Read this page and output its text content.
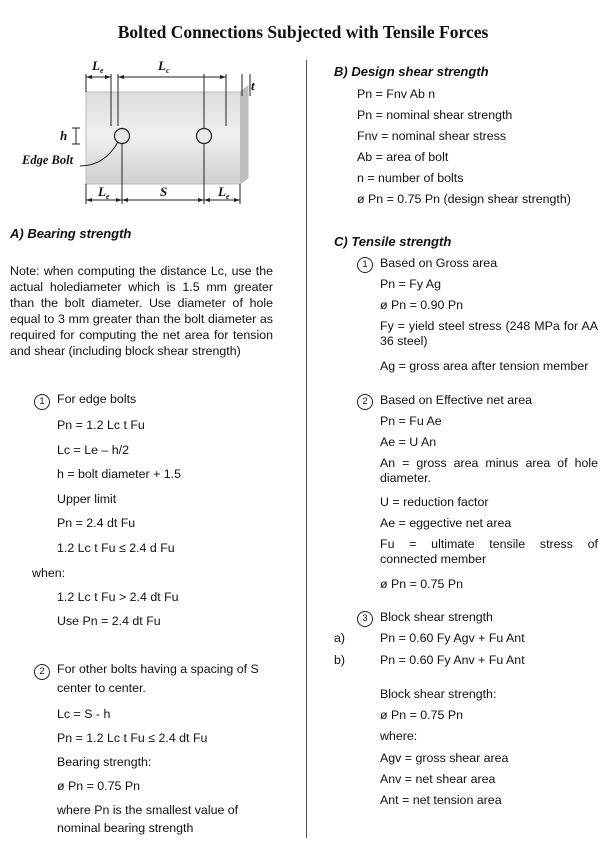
Bolted Connections Subjected with Tensile Forces
$L_e$	$L_c$
t
h
Edge Bolt
$L_e$	S	$L_e$
A) Bearing strength
Note: when computing the distance Lc, use the actual holediameter which is 1.5 mm greater than the bolt diameter. Use diameter of hole equal to 3 mm greater than the bolt diameter as required for computing the net area for tension and shear (including block shear strength)
1 For edge bolts
Pn = 1.2 Lc t Fu
Lc = Le – h/2
h = bolt diameter + 1.5
Upper limit
Pn = 2.4 dt Fu
1.2 Lc t Fu ≤ 2.4 d Fu
when:
1.2 Lc t Fu > 2.4 dt Fu
Use Pn = 2.4 dt Fu
2 For other bolts having a spacing of S
center to center.
Lc = S - h
Pn = 1.2 Lc t Fu ≤ 2.4 dt Fu
Bearing strength:
ø Pn = 0.75 Pn
where Pn is the smallest value of
nominal bearing strength
B) Design shear strength
Pn = Fnv Ab n
Pn = nominal shear strength
Fnv = nominal shear stress
Ab = area of bolt
n = number of bolts
ø Pn = 0.75 Pn (design shear strength)
C) Tensile strength
1 Based on Gross area
Pn = Fy Ag
ø Pn = 0.90 Pn
Fy = yield steel stress (248 MPa for AA 36 steel)
Ag = gross area after tension member
2 Based on Effective net area
Pn = Fu Ae
Ae = U An
An = gross area minus area of hole diameter.
U = reduction factor
Ae = eggective net area
Fu = ultimate tensile stress of connected member
ø Pn = 0.75 Pn
3 Block shear strength
a)	Pn = 0.60 Fy Agv + Fu Ant
b)	Pn = 0.60 Fy Anv + Fu Ant
Block shear strength:
ø Pn = 0.75 Pn
where:
Agv = gross shear area
Anv = net shear area
Ant = net tension area
